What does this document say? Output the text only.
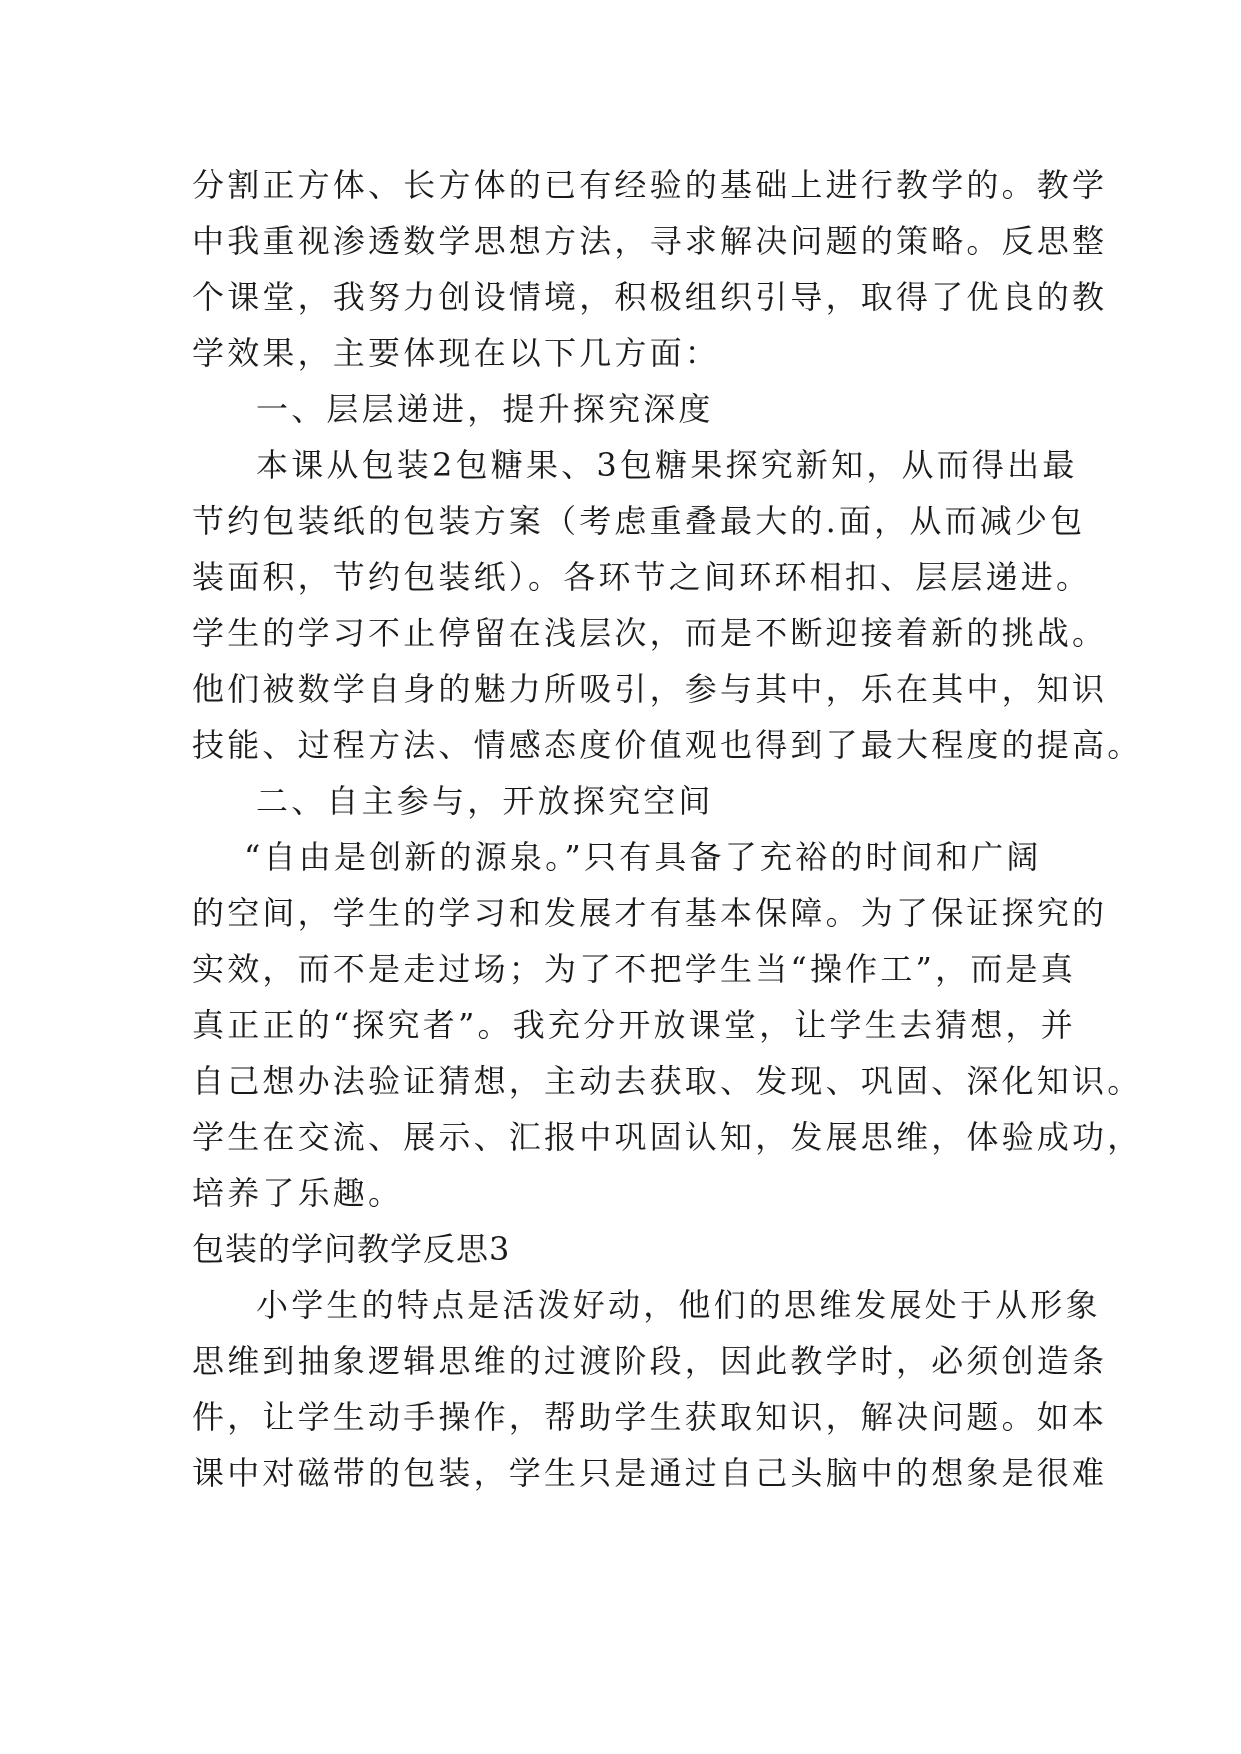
分割正方体、长方体的已有经验的基础上进行教学的。教学
中我重视渗透数学思想方法，寻求解决问题的策略。反思整
个课堂，我努力创设情境，积极组织引导，取得了优良的教
学效果，主要体现在以下几方面：
一、层层递进，提升探究深度
本课从包装2包糖果、3包糖果探究新知，从而得出最
节约包装纸的包装方案（考虑重叠最大的.面，从而减少包
装面积，节约包装纸）。各环节之间环环相扣、层层递进。
学生的学习不止停留在浅层次，而是不断迎接着新的挑战。
他们被数学自身的魅力所吸引，参与其中，乐在其中，知识
技能、过程方法、情感态度价值观也得到了最大程度的提高。
二、自主参与，开放探究空间
“自由是创新的源泉。”只有具备了充裕的时间和广阔
的空间，学生的学习和发展才有基本保障。为了保证探究的
实效，而不是走过场；为了不把学生当“操作工”，而是真
真正正的“探究者”。我充分开放课堂，让学生去猜想，并
自己想办法验证猜想，主动去获取、发现、巩固、深化知识。
学生在交流、展示、汇报中巩固认知，发展思维，体验成功，
培养了乐趣。
包装的学问教学反思3
小学生的特点是活泼好动，他们的思维发展处于从形象
思维到抽象逻辑思维的过渡阶段，因此教学时，必须创造条
件，让学生动手操作，帮助学生获取知识，解决问题。如本
课中对磁带的包装，学生只是通过自己头脑中的想象是很难
